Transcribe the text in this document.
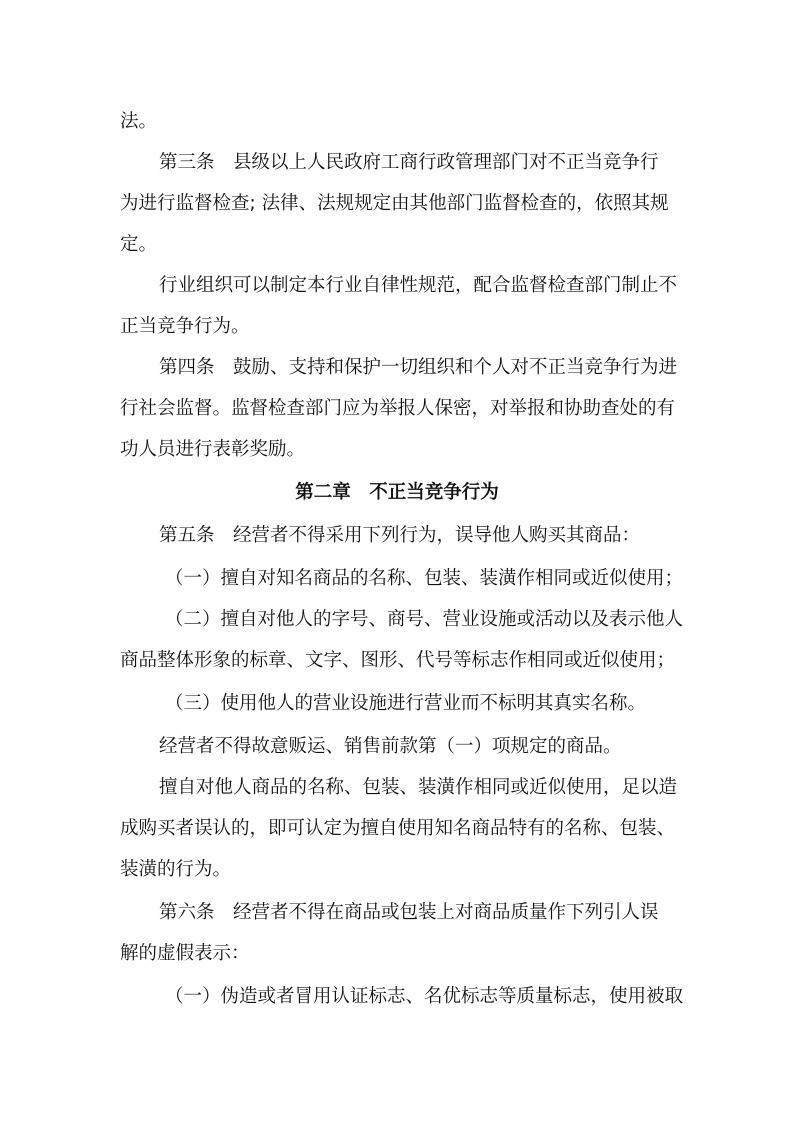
法。
第三条　县级以上人民政府工商行政管理部门对不正当竞争行
为进行监督检查; 法律、法规规定由其他部门监督检查的，依照其规
定。
行业组织可以制定本行业自律性规范，配合监督检查部门制止不
正当竞争行为。
第四条　鼓励、支持和保护一切组织和个人对不正当竞争行为进
行社会监督。监督检查部门应为举报人保密，对举报和协助查处的有
功人员进行表彰奖励。
第二章　不正当竞争行为
第五条　经营者不得采用下列行为，误导他人购买其商品：
（一）擅自对知名商品的名称、包装、装潢作相同或近似使用；
（二）擅自对他人的字号、商号、营业设施或活动以及表示他人
商品整体形象的标章、文字、图形、代号等标志作相同或近似使用；
（三）使用他人的营业设施进行营业而不标明其真实名称。
经营者不得故意贩运、销售前款第（一）项规定的商品。
擅自对他人商品的名称、包装、装潢作相同或近似使用，足以造
成购买者误认的，即可认定为擅自使用知名商品特有的名称、包装、
装潢的行为。
第六条　经营者不得在商品或包装上对商品质量作下列引人误
解的虚假表示：
（一）伪造或者冒用认证标志、名优标志等质量标志，使用被取
